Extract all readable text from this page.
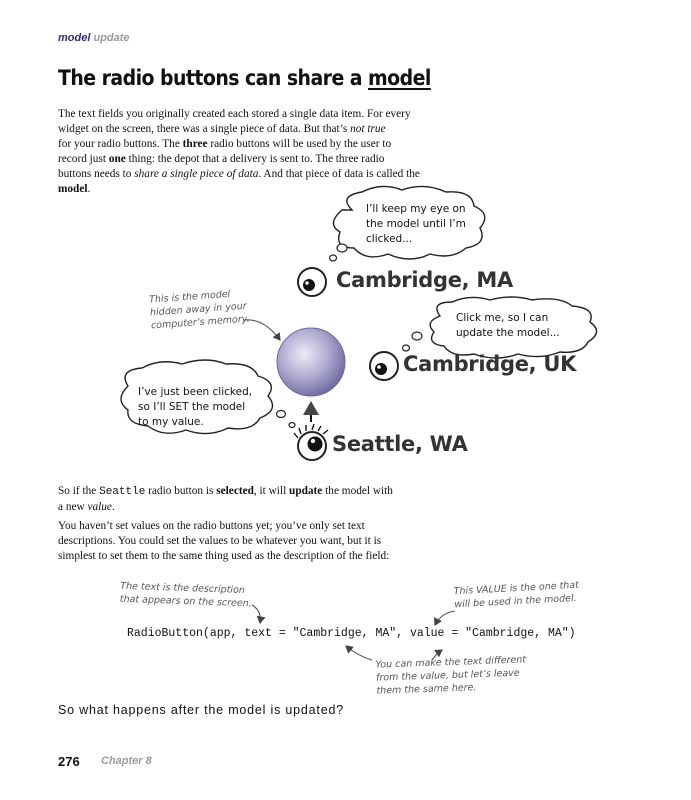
model update
The radio buttons can share a model
The text fields you originally created each stored a single data item. For every
widget on the screen, there was a single piece of data. But that’s not true
for your radio buttons. The three radio buttons will be used by the user to
record just one thing: the depot that a delivery is sent to. The three radio
buttons needs to share a single piece of data. And that piece of data is called the
model.
I’ll keep my eye on
the model until I’m
clicked...
Click me, so I can
update the model...
I’ve just been clicked,
so I’ll SET the model
to my value.
This is the model
hidden away in your
computer’s memory.
Cambridge, MA
Cambridge, UK
Seattle, WA
So if the Seattle radio button is selected, it will update the model with
a new value.
You haven’t set values on the radio buttons yet; you’ve only set text
descriptions. You could set the values to be whatever you want, but it is
simplest to set them to the same thing used as the description of the field:
The text is the description
that appears on the screen.
This VALUE is the one that
will be used in the model.
You can make the text different
from the value, but let’s leave
them the same here.
RadioButton(app, text = "Cambridge, MA", value = "Cambridge, MA")
So what happens after the model is updated?
276 Chapter 8
